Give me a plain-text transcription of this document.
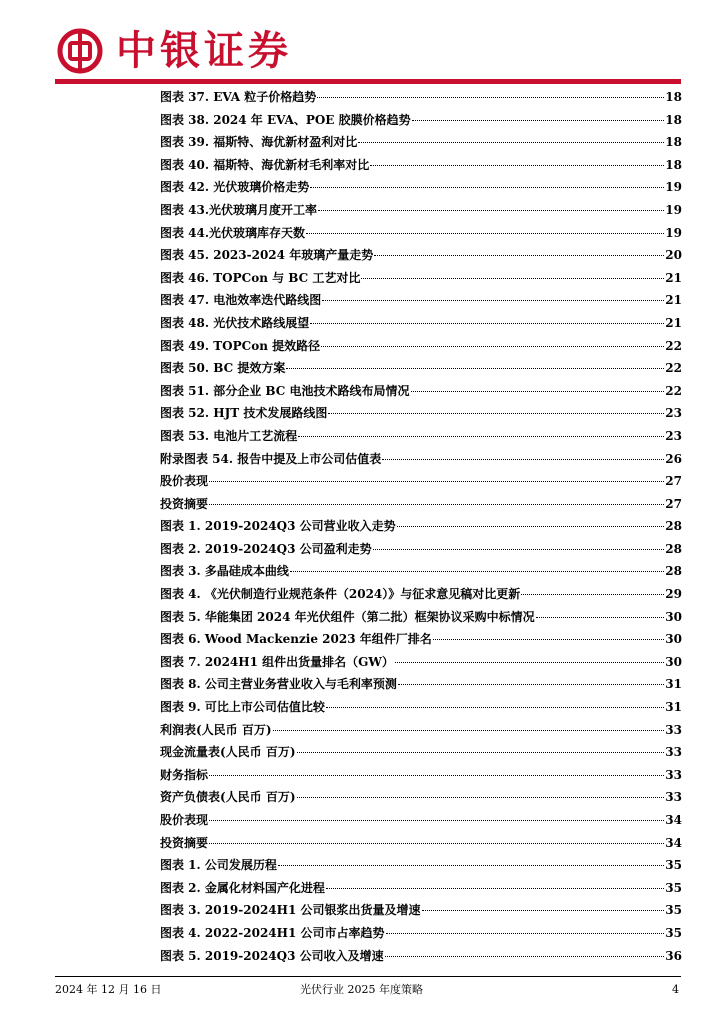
中银证券
图表 37. EVA 粒子价格趋势	18
图表 38. 2024 年 EVA、POE 胶膜价格趋势	18
图表 39. 福斯特、海优新材盈利对比	18
图表 40. 福斯特、海优新材毛利率对比	18
图表 42. 光伏玻璃价格走势	19
图表 43.光伏玻璃月度开工率	19
图表 44.光伏玻璃库存天数	19
图表 45. 2023-2024 年玻璃产量走势	20
图表 46. TOPCon 与 BC 工艺对比	21
图表 47. 电池效率迭代路线图	21
图表 48. 光伏技术路线展望	21
图表 49. TOPCon 提效路径	22
图表 50. BC 提效方案	22
图表 51. 部分企业 BC 电池技术路线布局情况	22
图表 52. HJT 技术发展路线图	23
图表 53. 电池片工艺流程	23
附录图表 54. 报告中提及上市公司估值表	26
股价表现	27
投资摘要	27
图表 1. 2019-2024Q3 公司营业收入走势	28
图表 2. 2019-2024Q3 公司盈利走势	28
图表 3. 多晶硅成本曲线	28
图表 4. 《光伏制造行业规范条件（2024）》与征求意见稿对比更新	29
图表 5. 华能集团 2024 年光伏组件（第二批）框架协议采购中标情况	30
图表 6. Wood Mackenzie 2023 年组件厂排名	30
图表 7. 2024H1 组件出货量排名（GW）	30
图表 8. 公司主营业务营业收入与毛利率预测	31
图表 9. 可比上市公司估值比较	31
利润表(人民币 百万)	33
现金流量表(人民币 百万)	33
财务指标	33
资产负债表(人民币 百万)	33
股价表现	34
投资摘要	34
图表 1. 公司发展历程	35
图表 2. 金属化材料国产化进程	35
图表 3. 2019-2024H1 公司银浆出货量及增速	35
图表 4. 2022-2024H1 公司市占率趋势	35
图表 5. 2019-2024Q3 公司收入及增速	36
2024 年 12 月 16 日	光伏行业 2025 年度策略	4
